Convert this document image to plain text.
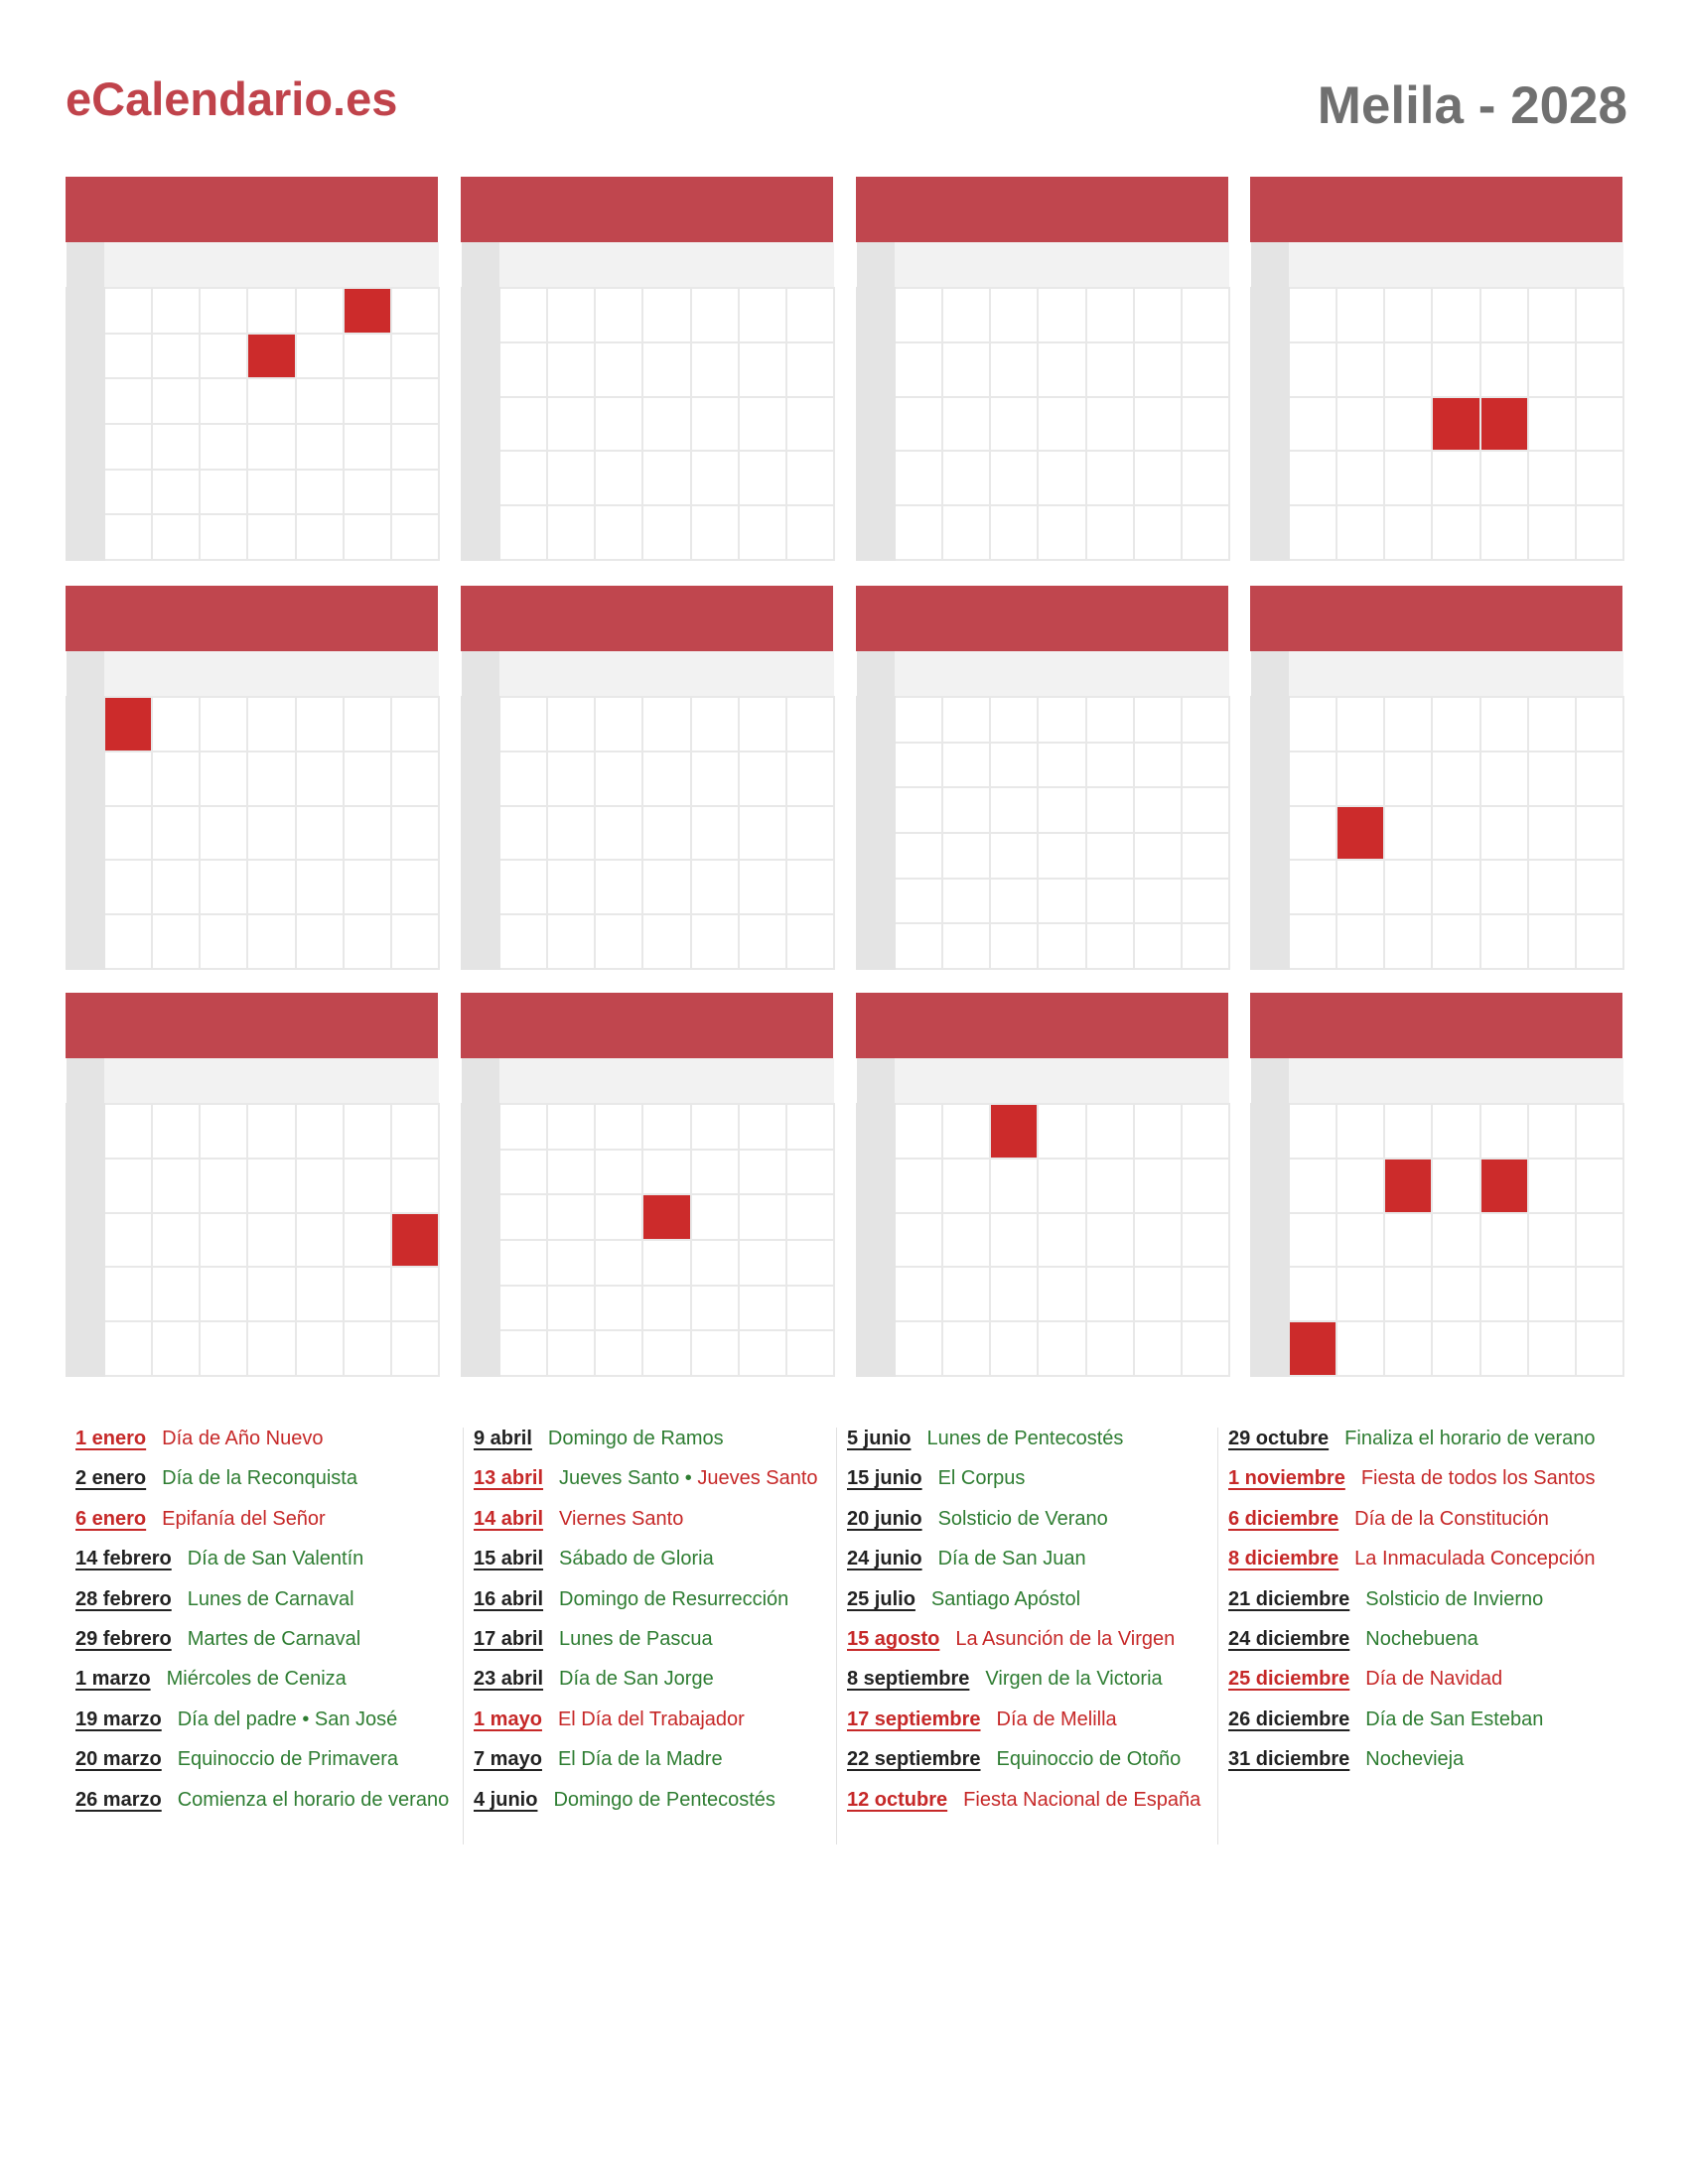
eCalendario.es	Melila - 2028

1 enero Día de Año Nuevo
2 enero Día de la Reconquista
6 enero Epifanía del Señor
14 febrero Día de San Valentín
28 febrero Lunes de Carnaval
29 febrero Martes de Carnaval
1 marzo Miércoles de Ceniza
19 marzo Día del padre • San José
20 marzo Equinoccio de Primavera
26 marzo Comienza el horario de verano
9 abril Domingo de Ramos
13 abril Jueves Santo • Jueves Santo
14 abril Viernes Santo
15 abril Sábado de Gloria
16 abril Domingo de Resurrección
17 abril Lunes de Pascua
23 abril Día de San Jorge
1 mayo El Día del Trabajador
7 mayo El Día de la Madre
4 junio Domingo de Pentecostés
5 junio Lunes de Pentecostés
15 junio El Corpus
20 junio Solsticio de Verano
24 junio Día de San Juan
25 julio Santiago Apóstol
15 agosto La Asunción de la Virgen
8 septiembre Virgen de la Victoria
17 septiembre Día de Melilla
22 septiembre Equinoccio de Otoño
12 octubre Fiesta Nacional de España
29 octubre Finaliza el horario de verano
1 noviembre Fiesta de todos los Santos
6 diciembre Día de la Constitución
8 diciembre La Inmaculada Concepción
21 diciembre Solsticio de Invierno
24 diciembre Nochebuena
25 diciembre Día de Navidad
26 diciembre Día de San Esteban
31 diciembre Nochevieja
